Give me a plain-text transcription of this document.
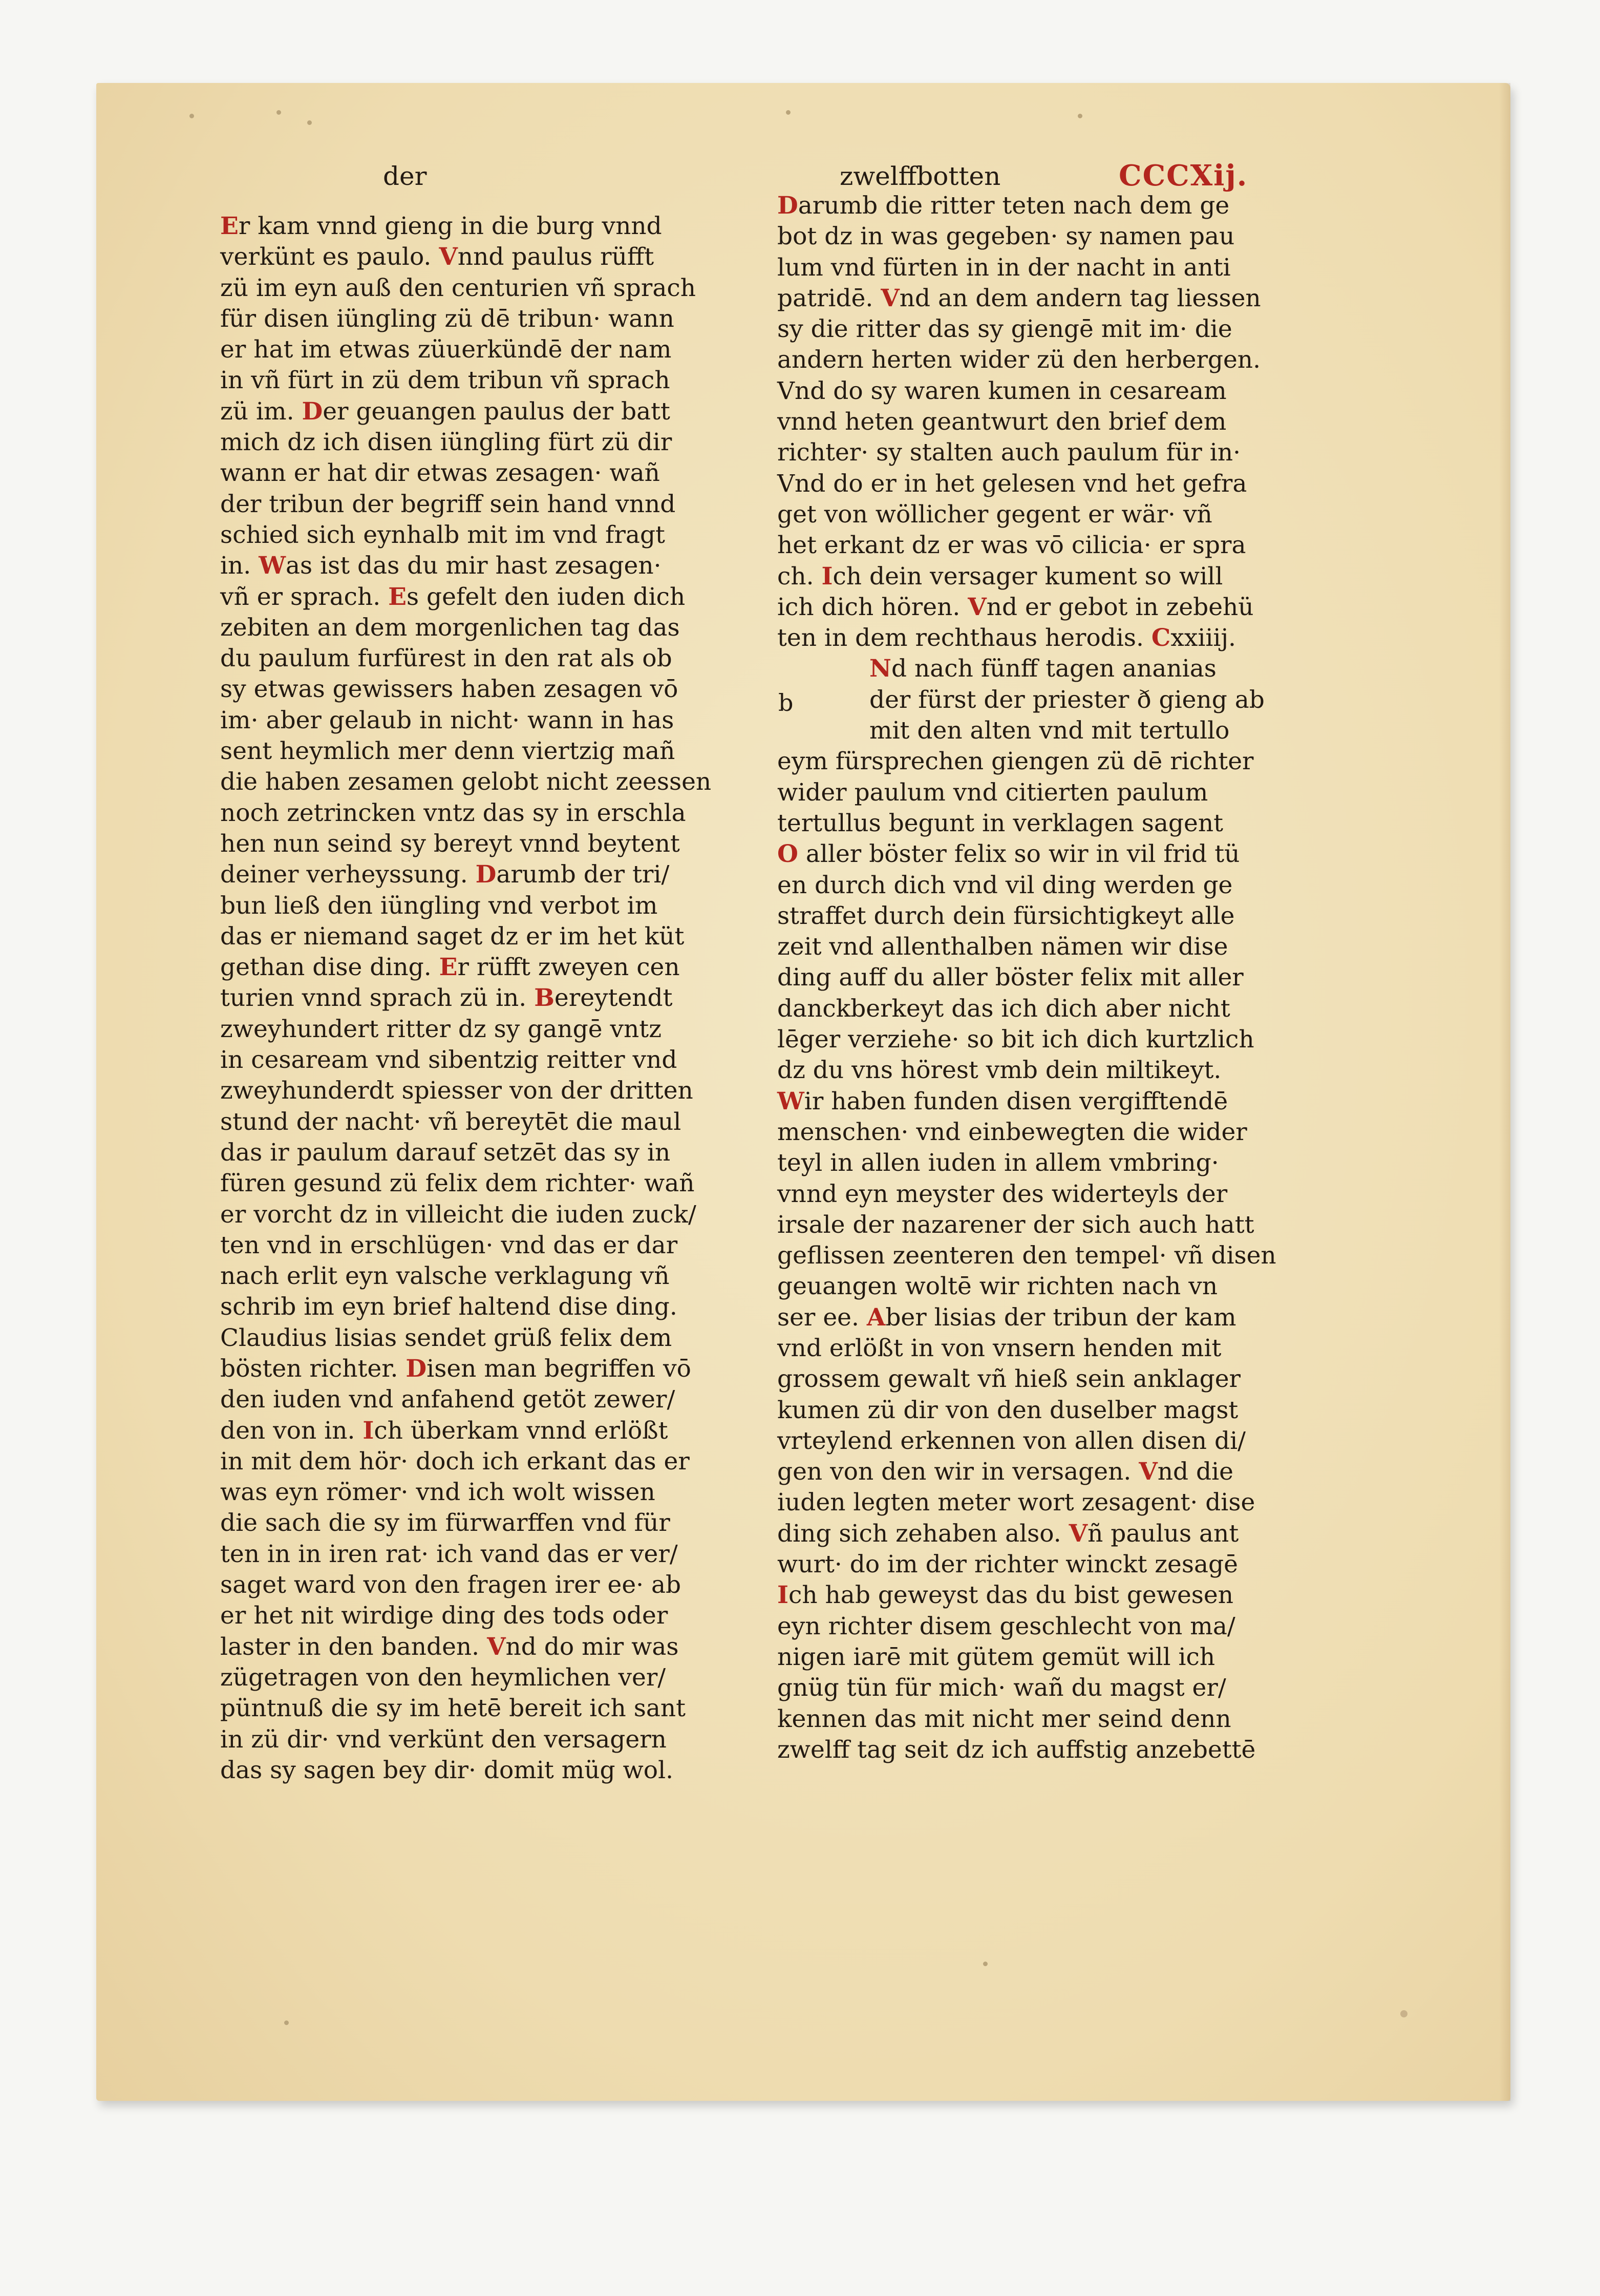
der	zwelffbotten	CCCXij.
Er kam vnnd gieng in die burg vnnd
verkünt es paulo. Vnnd paulus rüfft
zü im eyn auß den centurien vñ sprach
für disen iüngling zü dē tribun· wann
er hat im etwas züuerkündē der nam
in vñ fürt in zü dem tribun vñ sprach
zü im. Der geuangen paulus der batt
mich dz ich disen iüngling fürt zü dir
wann er hat dir etwas zesagen· wañ
der tribun der begriff sein hand vnnd
schied sich eynhalb mit im vnd fragt
in. Was ist das du mir hast zesagen·
vñ er sprach. Es gefelt den iuden dich
zebiten an dem morgenlichen tag das
du paulum furfürest in den rat als ob
sy etwas gewissers haben zesagen vō
im· aber gelaub in nicht· wann in has
sent heymlich mer denn viertzig mañ
die haben zesamen gelobt nicht zeessen
noch zetrincken vntz das sy in erschla
hen nun seind sy bereyt vnnd beytent
deiner verheyssung. Darumb der tri/
bun ließ den iüngling vnd verbot im
das er niemand saget dz er im het küt
gethan dise ding. Er rüfft zweyen cen
turien vnnd sprach zü in. Bereytendt
zweyhundert ritter dz sy gangē vntz
in cesaream vnd sibentzig reitter vnd
zweyhunderdt spiesser von der dritten
stund der nacht· vñ bereytēt die maul
das ir paulum darauf setzēt das sy in
füren gesund zü felix dem richter· wañ
er vorcht dz in villeicht die iuden zuck/
ten vnd in erschlügen· vnd das er dar
nach erlit eyn valsche verklagung vñ
schrib im eyn brief haltend dise ding.
Claudius lisias sendet grüß felix dem
bösten richter. Disen man begriffen vō
den iuden vnd anfahend getöt zewer/
den von in. Ich überkam vnnd erlößt
in mit dem hör· doch ich erkant das er
was eyn römer· vnd ich wolt wissen
die sach die sy im fürwarffen vnd für
ten in in iren rat· ich vand das er ver/
saget ward von den fragen irer ee· ab
er het nit wirdige ding des tods oder
laster in den banden. Vnd do mir was
zügetragen von den heymlichen ver/
püntnuß die sy im hetē bereit ich sant
in zü dir· vnd verkünt den versagern
das sy sagen bey dir· domit müg wol.
Darumb die ritter teten nach dem ge
bot dz in was gegeben· sy namen pau
lum vnd fürten in in der nacht in anti
patridē. Vnd an dem andern tag liessen
sy die ritter das sy giengē mit im· die
andern herten wider zü den herbergen.
Vnd do sy waren kumen in cesaream
vnnd heten geantwurt den brief dem
richter· sy stalten auch paulum für in·
Vnd do er in het gelesen vnd het gefra
get von wöllicher gegent er wär· vñ
het erkant dz er was vō cilicia· er spra
ch. Ich dein versager kument so will
ich dich hören. Vnd er gebot in zebehü
ten in dem rechthaus herodis. Cxxiiij.
Nd nach fünff tagen ananias
der fürst der priester ð gieng ab
mit den alten vnd mit tertullo
eym fürsprechen giengen zü dē richter
wider paulum vnd citierten paulum
tertullus begunt in verklagen sagent
O aller böster felix so wir in vil frid tü
en durch dich vnd vil ding werden ge
straffet durch dein fürsichtigkeyt alle
zeit vnd allenthalben nämen wir dise
ding auff du aller böster felix mit aller
danckberkeyt das ich dich aber nicht
lēger verziehe· so bit ich dich kurtzlich
dz du vns hörest vmb dein miltikeyt.
Wir haben funden disen vergifftendē
menschen· vnd einbewegten die wider
teyl in allen iuden in allem vmbring·
vnnd eyn meyster des widerteyls der
irsale der nazarener der sich auch hatt
geflissen zeenteren den tempel· vñ disen
geuangen woltē wir richten nach vn
ser ee. Aber lisias der tribun der kam
vnd erlößt in von vnsern henden mit
grossem gewalt vñ hieß sein anklager
kumen zü dir von den duselber magst
vrteylend erkennen von allen disen di/
gen von den wir in versagen. Vnd die
iuden legten meter wort zesagent· dise
ding sich zehaben also. Vñ paulus ant
wurt· do im der richter winckt zesagē
Ich hab geweyst das du bist gewesen
eyn richter disem geschlecht von ma/
nigen iarē mit gütem gemüt will ich
gnüg tün für mich· wañ du magst er/
kennen das mit nicht mer seind denn
zwelff tag seit dz ich auffstig anzebettē
b
